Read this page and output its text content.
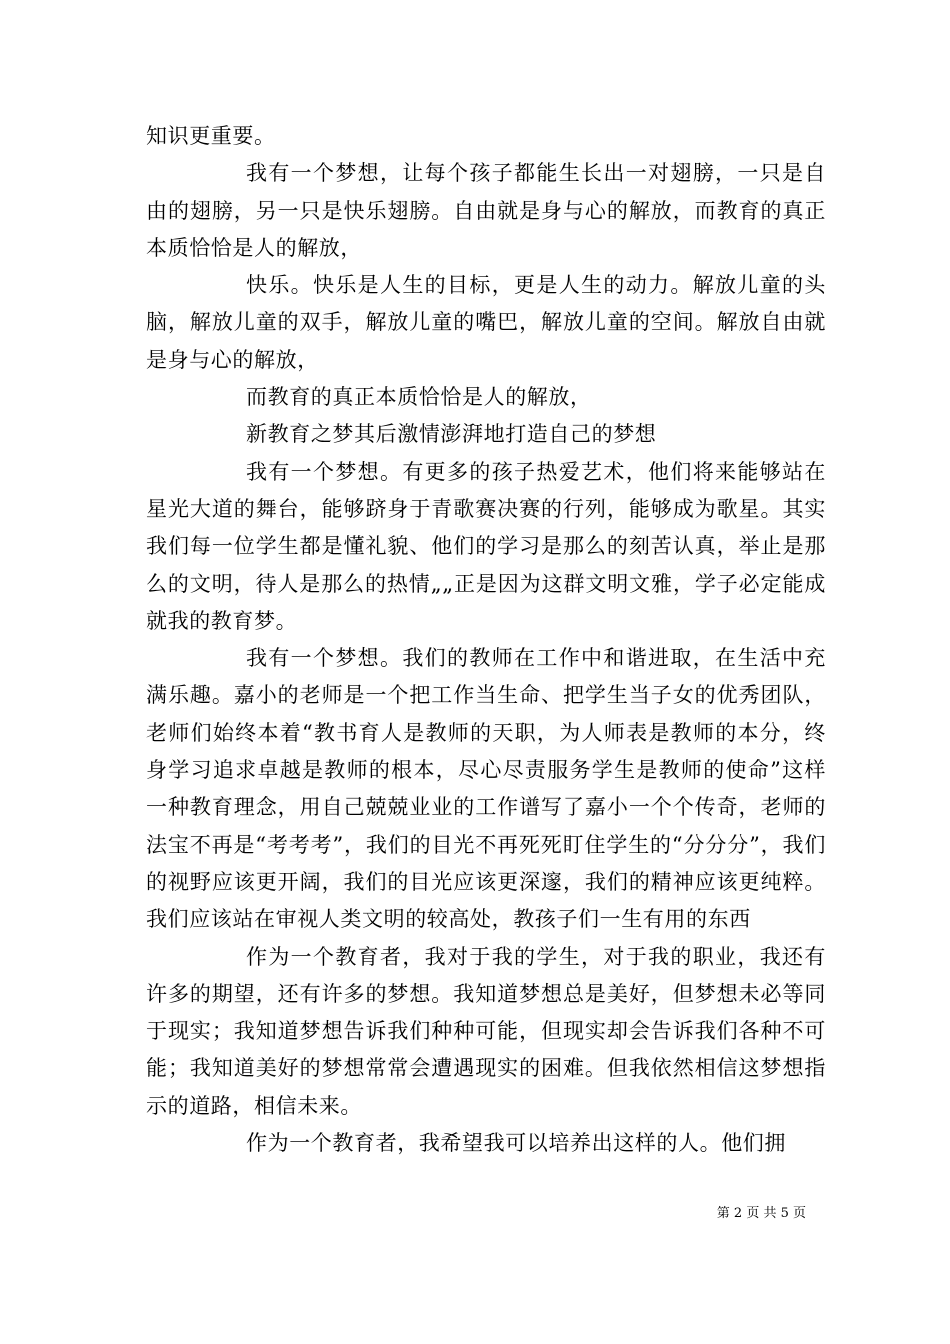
知识更重要。

我有一个梦想，让每个孩子都能生长出一对翅膀，一只是自由的翅膀，另一只是快乐翅膀。自由就是身与心的解放，而教育的真正本质恰恰是人的解放，

快乐。快乐是人生的目标，更是人生的动力。解放儿童的头脑，解放儿童的双手，解放儿童的嘴巴，解放儿童的空间。解放自由就是身与心的解放，

而教育的真正本质恰恰是人的解放，

新教育之梦其后激情澎湃地打造自己的梦想

我有一个梦想。有更多的孩子热爱艺术，他们将来能够站在星光大道的舞台，能够跻身于青歌赛决赛的行列，能够成为歌星。其实我们每一位学生都是懂礼貌、他们的学习是那么的刻苦认真，举止是那么的文明，待人是那么的热情„„正是因为这群文明文雅，学子必定能成就我的教育梦。

我有一个梦想。我们的教师在工作中和谐进取，在生活中充满乐趣。嘉小的老师是一个把工作当生命、把学生当子女的优秀团队，老师们始终本着“教书育人是教师的天职，为人师表是教师的本分，终身学习追求卓越是教师的根本，尽心尽责服务学生是教师的使命”这样一种教育理念，用自己兢兢业业的工作谱写了嘉小一个个传奇，老师的法宝不再是“考考考”，我们的目光不再死死盯住学生的“分分分”，我们的视野应该更开阔，我们的目光应该更深邃，我们的精神应该更纯粹。我们应该站在审视人类文明的较高处，教孩子们一生有用的东西

作为一个教育者，我对于我的学生，对于我的职业，我还有许多的期望，还有许多的梦想。我知道梦想总是美好，但梦想未必等同于现实；我知道梦想告诉我们种种可能，但现实却会告诉我们各种不可能；我知道美好的梦想常常会遭遇现实的困难。但我依然相信这梦想指示的道路，相信未来。

作为一个教育者，我希望我可以培养出这样的人。他们拥

第 2 页 共 5 页
